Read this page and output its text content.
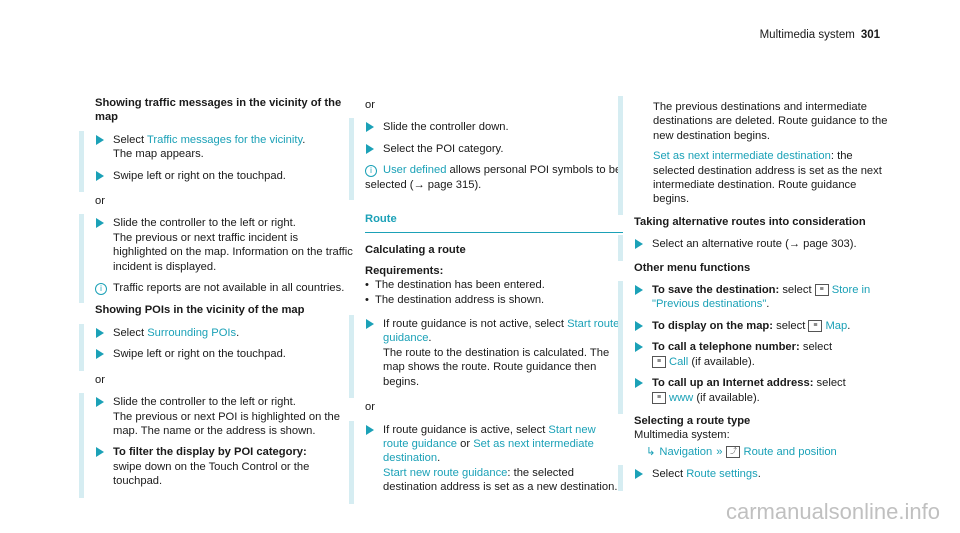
Multimedia system 301
Showing traffic messages in the vicinity of the map
Select Traffic messages for the vicinity.
The map appears.
Swipe left or right on the touchpad.
or
Slide the controller to the left or right.
The previous or next traffic incident is highlighted on the map. Information on the traffic incident is displayed.
i Traffic reports are not available in all countries.
Showing POIs in the vicinity of the map
Select Surrounding POIs.
Swipe left or right on the touchpad.
or
Slide the controller to the left or right.
The previous or next POI is highlighted on the map. The name or the address is shown.
To filter the display by POI category:
swipe down on the Touch Control or the touchpad.
or
Slide the controller down.
Select the POI category.
i User defined allows personal POI symbols to be selected (→ page 315).
Route
Calculating a route
Requirements:
• The destination has been entered.
• The destination address is shown.
If route guidance is not active, select Start route guidance.
The route to the destination is calculated. The map shows the route. Route guidance then begins.
or
If route guidance is active, select Start new route guidance or Set as next intermediate destination.
Start new route guidance: the selected destination address is set as a new destination.
The previous destinations and intermediate destinations are deleted. Route guidance to the new destination begins.
Set as next intermediate destination: the selected destination address is set as the next intermediate destination. Route guidance begins.
Taking alternative routes into consideration
Select an alternative route (→ page 303).
Other menu functions
To save the destination: select ≡ Store in "Previous destinations".
To display on the map: select ≡ Map.
To call a telephone number: select
≡ Call (if available).
To call up an Internet address: select
≡ www (if available).
Selecting a route type
Multimedia system:
↳ Navigation » ⤴ Route and position
Select Route settings.
carmanualsonline.info
